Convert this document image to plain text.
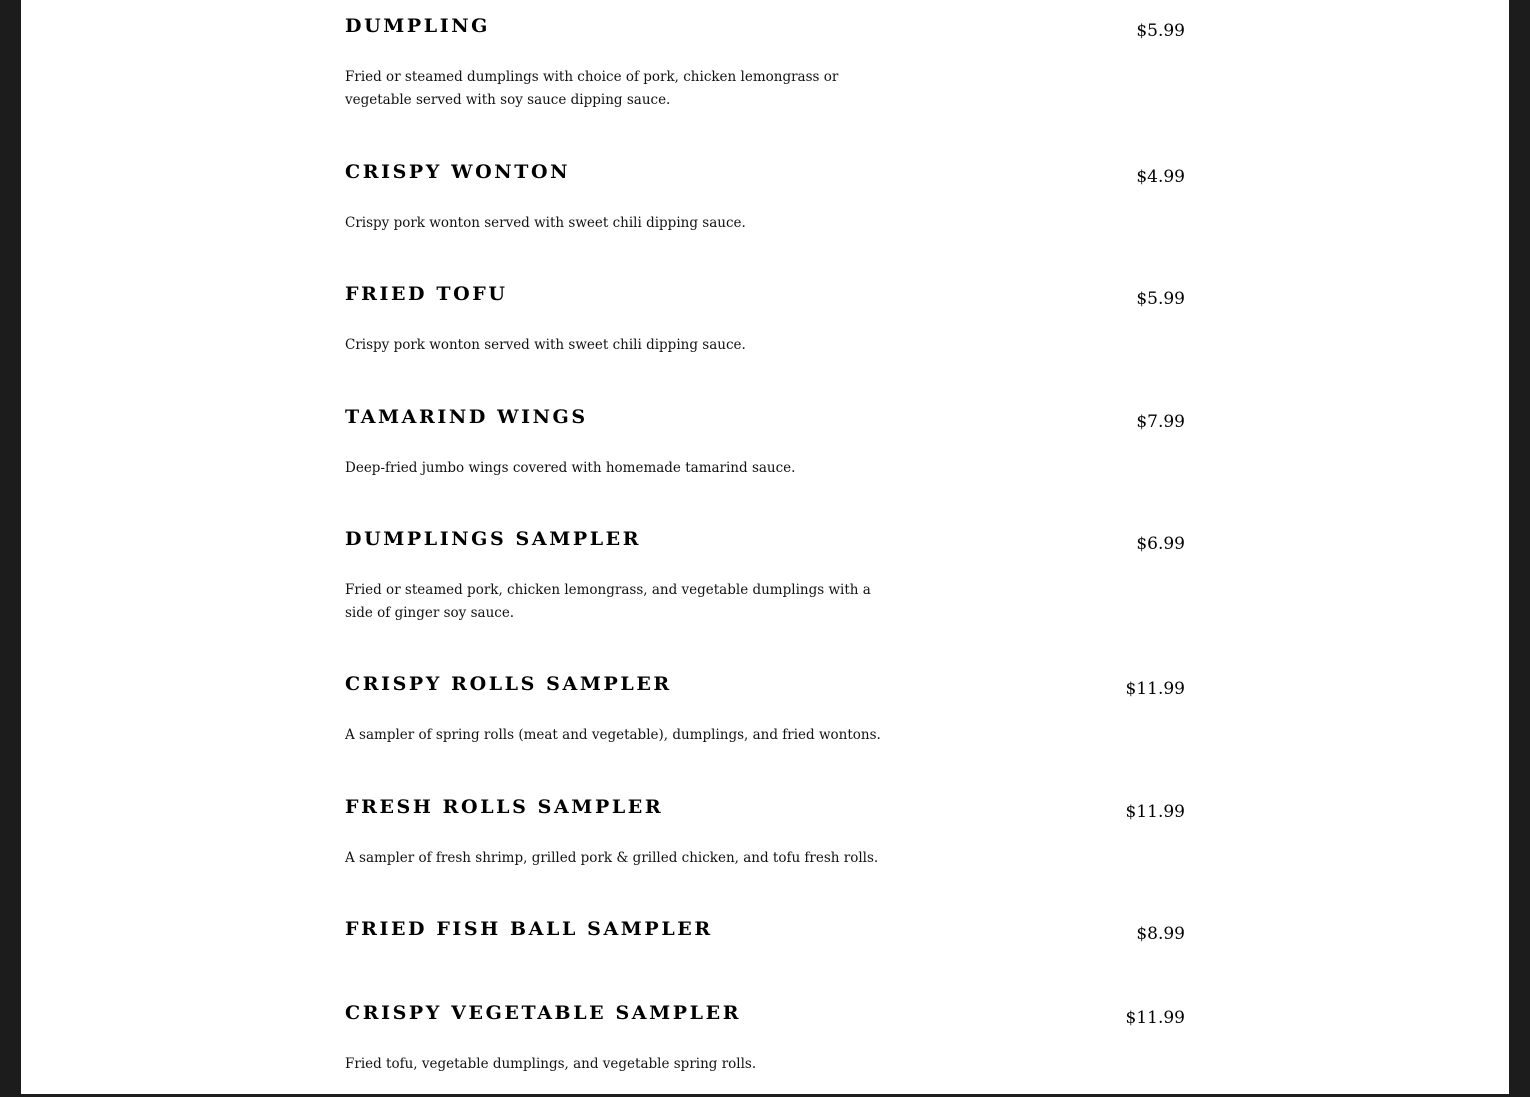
DUMPLING	$5.99
Fried or steamed dumplings with choice of pork, chicken lemongrass or vegetable served with soy sauce dipping sauce.
CRISPY WONTON	$4.99
Crispy pork wonton served with sweet chili dipping sauce.
FRIED TOFU	$5.99
Crispy pork wonton served with sweet chili dipping sauce.
TAMARIND WINGS	$7.99
Deep-fried jumbo wings covered with homemade tamarind sauce.
DUMPLINGS SAMPLER	$6.99
Fried or steamed pork, chicken lemongrass, and vegetable dumplings with a side of ginger soy sauce.
CRISPY ROLLS SAMPLER	$11.99
A sampler of spring rolls (meat and vegetable), dumplings, and fried wontons.
FRESH ROLLS SAMPLER	$11.99
A sampler of fresh shrimp, grilled pork & grilled chicken, and tofu fresh rolls.
FRIED FISH BALL SAMPLER	$8.99
CRISPY VEGETABLE SAMPLER	$11.99
Fried tofu, vegetable dumplings, and vegetable spring rolls.
